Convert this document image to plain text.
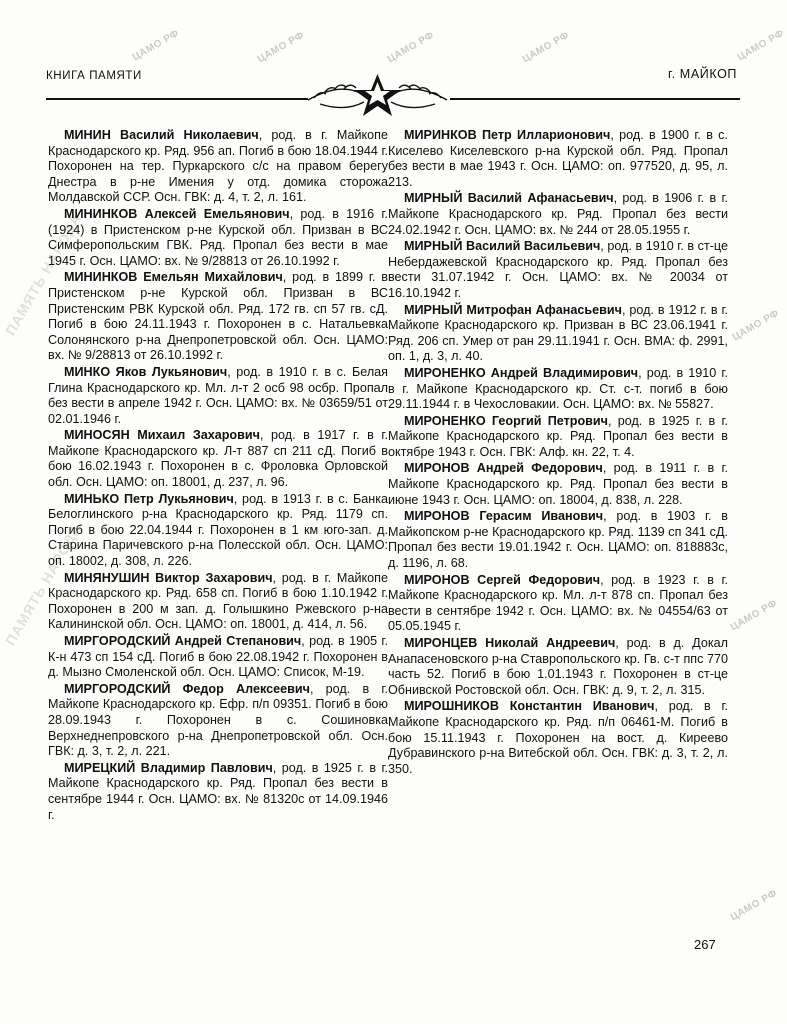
КНИГА ПАМЯТИ	г. МАЙКОП
ЦАМО РФ	ЦАМО РФ	ЦАМО РФ	ЦАМО РФ	ЦАМО РФ
ЦАМО РФ
ЦАМО РФ
ЦАМО РФ
ПАМЯТЬ НАРОДА
ПАМЯТЬ НАРОДА

МИНИН Василий Николаевич, род. в г. Майкопе Краснодарского кр. Ряд. 956 ап. Погиб в бою 18.04.1944 г. Похоронен на тер. Пуркарского с/с на правом берегу Днестра в р-не Имения у отд. домика сторожа Молдавской ССР. Осн. ГВК: д. 4, т. 2, л. 161.

МИНИНКОВ Алексей Емельянович, род. в 1916 г. (1924) в Пристенском р-не Курской обл. Призван в ВС Симферопольским ГВК. Ряд. Пропал без вести в мае 1945 г. Осн. ЦАМО: вх. № 9/28813 от 26.10.1992 г.

МИНИНКОВ Емельян Михайлович, род. в 1899 г. в Пристенском р-не Курской обл. Призван в ВС Пристенским РВК Курской обл. Ряд. 172 гв. сп 57 гв. сД. Погиб в бою 24.11.1943 г. Похоронен в с. Натальевка Солонянского р-на Днепропетровской обл. Осн. ЦАМО: вх. № 9/28813 от 26.10.1992 г.

МИНКО Яков Лукьянович, род. в 1910 г. в с. Белая Глина Краснодарского кр. Мл. л-т 2 осб 98 осбр. Пропал без вести в апреле 1942 г. Осн. ЦАМО: вх. № 03659/51 от 02.01.1946 г.

МИНОСЯН Михаил Захарович, род. в 1917 г. в г. Майкопе Краснодарского кр. Л-т 887 сп 211 сД. Погиб в бою 16.02.1943 г. Похоронен в с. Фроловка Орловской обл. Осн. ЦАМО: оп. 18001, д. 237, л. 96.

МИНЬКО Петр Лукьянович, род. в 1913 г. в с. Банка Белоглинского р-на Краснодарского кр. Ряд. 1179 сп. Погиб в бою 22.04.1944 г. Похоронен в 1 км юго-зап. д. Старина Паричевского р-на Полесской обл. Осн. ЦАМО: оп. 18002, д. 308, л. 226.

МИНЯНУШИН Виктор Захарович, род. в г. Майкопе Краснодарского кр. Ряд. 658 сп. Погиб в бою 1.10.1942 г. Похоронен в 200 м зап. д. Голышкино Ржевского р-на Калининской обл. Осн. ЦАМО: оп. 18001, д. 414, л. 56.

МИРГОРОДСКИЙ Андрей Степанович, род. в 1905 г. К-н 473 сп 154 сД. Погиб в бою 22.08.1942 г. Похоронен в д. Мызно Смоленской обл. Осн. ЦАМО: Список, М-19.

МИРГОРОДСКИЙ Федор Алексеевич, род. в г. Майкопе Краснодарского кр. Ефр. п/п 09351. Погиб в бою 28.09.1943 г. Похоронен в с. Сошиновка Верхнеднепровского р-на Днепропетровской обл. Осн. ГВК: д. 3, т. 2, л. 221.

МИРЕЦКИЙ Владимир Павлович, род. в 1925 г. в г. Майкопе Краснодарского кр. Ряд. Пропал без вести в сентябре 1944 г. Осн. ЦАМО: вх. № 81320с от 14.09.1946 г.

МИРИНКОВ Петр Илларионович, род. в 1900 г. в с. Киселево Киселевского р-на Курской обл. Ряд. Пропал без вести в мае 1943 г. Осн. ЦАМО: оп. 977520, д. 95, л. 213.

МИРНЫЙ Василий Афанасьевич, род. в 1906 г. в г. Майкопе Краснодарского кр. Ряд. Пропал без вести 24.02.1942 г. Осн. ЦАМО: вх. № 244 от 28.05.1955 г.

МИРНЫЙ Василий Васильевич, род. в 1910 г. в ст-це Небердажевской Краснодарского кр. Ряд. Пропал без вести 31.07.1942 г. Осн. ЦАМО: вх. № 20034 от 16.10.1942 г.

МИРНЫЙ Митрофан Афанасьевич, род. в 1912 г. в г. Майкопе Краснодарского кр. Призван в ВС 23.06.1941 г. Ряд. 206 сп. Умер от ран 29.11.1941 г. Осн. ВМА: ф. 2991, оп. 1, д. 3, л. 40.

МИРОНЕНКО Андрей Владимирович, род. в 1910 г. в г. Майкопе Краснодарского кр. Ст. с-т. погиб в бою 29.11.1944 г. в Чехословакии. Осн. ЦАМО: вх. № 55827.

МИРОНЕНКО Георгий Петрович, род. в 1925 г. в г. Майкопе Краснодарского кр. Ряд. Пропал без вести в октябре 1943 г. Осн. ГВК: Алф. кн. 22, т. 4.

МИРОНОВ Андрей Федорович, род. в 1911 г. в г. Майкопе Краснодарского кр. Ряд. Пропал без вести в июне 1943 г. Осн. ЦАМО: оп. 18004, д. 838, л. 228.

МИРОНОВ Герасим Иванович, род. в 1903 г. в Майкопском р-не Краснодарского кр. Ряд. 1139 сп 341 сД. Пропал без вести 19.01.1942 г. Осн. ЦАМО: оп. 818883с, д. 1196, л. 68.

МИРОНОВ Сергей Федорович, род. в 1923 г. в г. Майкопе Краснодарского кр. Мл. л-т 878 сп. Пропал без вести в сентябре 1942 г. Осн. ЦАМО: вх. № 04554/63 от 05.05.1945 г.

МИРОНЦЕВ Николай Андреевич, род. в д. Докал Анапасеновского р-на Ставропольского кр. Гв. с-т ппс 770 часть 52. Погиб в бою 1.01.1943 г. Похоронен в ст-це Обнивской Ростовской обл. Осн. ГВК: д. 9, т. 2, л. 315.

МИРОШНИКОВ Константин Иванович, род. в г. Майкопе Краснодарского кр. Ряд. п/п 06461-М. Погиб в бою 15.11.1943 г. Похоронен на вост. д. Киреево Дубравинского р-на Витебской обл. Осн. ГВК: д. 3, т. 2, л. 350.

267
